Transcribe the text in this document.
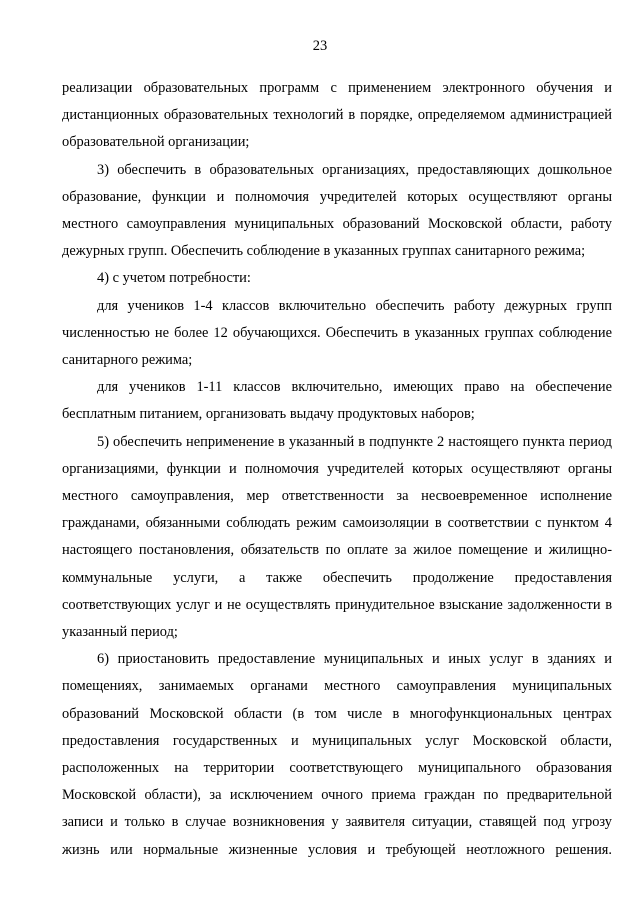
23

реализации образовательных программ с применением электронного обучения и дистанционных образовательных технологий в порядке, определяемом администрацией образовательной организации;

3) обеспечить в образовательных организациях, предоставляющих дошкольное образование, функции и полномочия учредителей которых осуществляют органы местного самоуправления муниципальных образований Московской области, работу дежурных групп. Обеспечить соблюдение в указанных группах санитарного режима;

4) с учетом потребности:

для учеников 1-4 классов включительно обеспечить работу дежурных групп численностью не более 12 обучающихся. Обеспечить в указанных группах соблюдение санитарного режима;

для учеников 1-11 классов включительно, имеющих право на обеспечение бесплатным питанием, организовать выдачу продуктовых наборов;

5) обеспечить неприменение в указанный в подпункте 2 настоящего пункта период организациями, функции и полномочия учредителей которых осуществляют органы местного самоуправления, мер ответственности за несвоевременное исполнение гражданами, обязанными соблюдать режим самоизоляции в соответствии с пунктом 4 настоящего постановления, обязательств по оплате за жилое помещение и жилищно-коммунальные услуги, а также обеспечить продолжение предоставления соответствующих услуг и не осуществлять принудительное взыскание задолженности в указанный период;

6) приостановить предоставление муниципальных и иных услуг в зданиях и помещениях, занимаемых органами местного самоуправления муниципальных образований Московской области (в том числе в многофункциональных центрах предоставления государственных и муниципальных услуг Московской области, расположенных на территории соответствующего муниципального образования Московской области), за исключением очного приема граждан по предварительной записи и только в случае возникновения у заявителя ситуации, ставящей под угрозу жизнь или нормальные жизненные условия и требующей неотложного решения.
